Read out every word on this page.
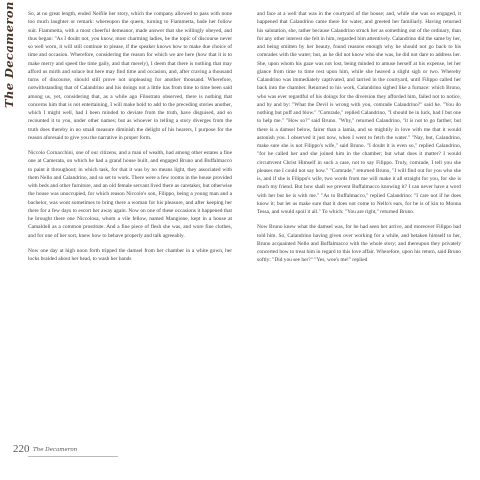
The Decameron	So, at no great length, ended Neifile her story, which the company allowed to pass with none too much laughter or remark: whereupon the queen, turning to Fiammetta, bade her follow suit. Fiammetta, with a most cheerful demeanor, made answer that she willingly obeyed, and thus began: "As I doubt not, you know, most charming ladies, be the topic of discourse never so well worn, it will still continue to please, if the speaker knows how to make due choice of time and occasion. Wherefore, considering the reason for which we are here (how that it is to make merry and speed the time gaily, and that merely), I deem that there is nothing that may afford us mirth and solace but here may find time and occasion, and, after craving a thousand turns of discourse, should still prove not unpleasing for another thousand. Wherefore, notwithstanding that of Calandrino and his doings not a little has from time to time been said among us, yet, considering that, as a while ago Filostrato observed, there is nothing that concerns him that is not entertaining, I will make bold to add to the preceding stories another, which I might well, had I been minded to deviate from the truth, have disguised, and so recounted it to you, under other names; but as whoever in telling a story diverges from the truth does thereby in no small measure diminish the delight of his hearers, I purpose for the reason aforesaid to give you the narrative in proper form.

Niccolo Cornacchini, one of our citizens, and a man of wealth, had among other estates a fine one at Camerata, on which he had a grand house built, and engaged Bruno and Buffalmacco to paint it throughout; in which task, for that it was by no means light, they associated with them Nello and Calandrino, and so set to work. There were a few rooms in the house provided with beds and other furniture, and an old female servant lived there as caretaker, but otherwise the house was unoccupied, for which reason Niccolo's son, Filippo, being a young man and a bachelor, was wont sometimes to bring there a woman for his pleasure, and after keeping her there for a few days to escort her away again. Now on one of these occasions it happened that he brought there one Niccolosa, whom a vile fellow, named Mangione, kept in a house at Camaldoli as a common prostitute. And a fine piece of flesh she was, and wore fine clothes, and for one of her sort, knew how to behave properly and talk agreeably.

Now one day at high noon forth tripped the damsel from her chamber in a white gown, her locks braided about her head, to wash her hands

and face at a well that was in the courtyard of the house; and, while she was so engaged, it happened that Calandrino came there for water, and greeted her familiarly. Having returned his salutation, she, rather because Calandrino struck her as something out of the ordinary, than for any other interest she felt in him, regarded him attentively. Calandrino did the same by her, and being smitten by her beauty, found reasons enough why he should not go back to his comrades with the water; but, as he did not know who she was, he did not dare to address her. She, upon whom his gaze was not lost, being minded to amuse herself at his expense, let her glance from time to time rest upon him, while she heaved a slight sigh or two. Whereby Calandrino was immediately captivated, and tarried in the courtyard, until Filippo called her back into the chamber. Returned to his work, Calandrino sighed like a furnace: which Bruno, who was ever regardful of his doings for the diversion they afforded him, failed not to notice, and by and by: "What the Devil is wrong with you, comrade Calandrino?" said he. "You do nothing but puff and blow." "Comrade," replied Calandrino, "I should be in luck, had I but one to help me." "How so?" said Bruno. "Why," returned Calandrino, "it is not to go farther, but there is a damsel below, fairer than a lamia, and so mightily in love with me that it would astonish you. I observed it just now, when I went to fetch the water." "Nay, but, Calandrino, make sure she is not Filippo's wife," said Bruno. "I doubt it is even so," replied Calandrino, "for he called her and she joined him in the chamber; but what does it matter? I would circumvent Christ Himself in such a case, not to say Filippo. Truly, comrade, I tell you she pleases me I could not say how." "Comrade," returned Bruno, "I will find out for you who she is, and if she is Filippo's wife, two words from me will make it all straight for you, for she is much my friend. But how shall we prevent Buffalmacco knowing it? I can never have a word with her but he is with me." "As to Buffalmacco," replied Calandrino: "I care not if he does know it; but let us make sure that it does not come to Nello's ears, for he is of kin to Monna Tessa, and would spoil it all." To which: "You are right," returned Bruno.

Now Bruno knew what the damsel was, for he had seen her arrive, and moreover Filippo had told him. So, Calandrino having given over working for a while, and betaken himself to her, Bruno acquainted Nello and Buffalmacco with the whole story; and thereupon they privately concerted how to treat him in regard to this love affair. Wherefore, upon his return, said Bruno softly: "Did you see her?" "Yes, woe's me!" replied

220 The Decameron
